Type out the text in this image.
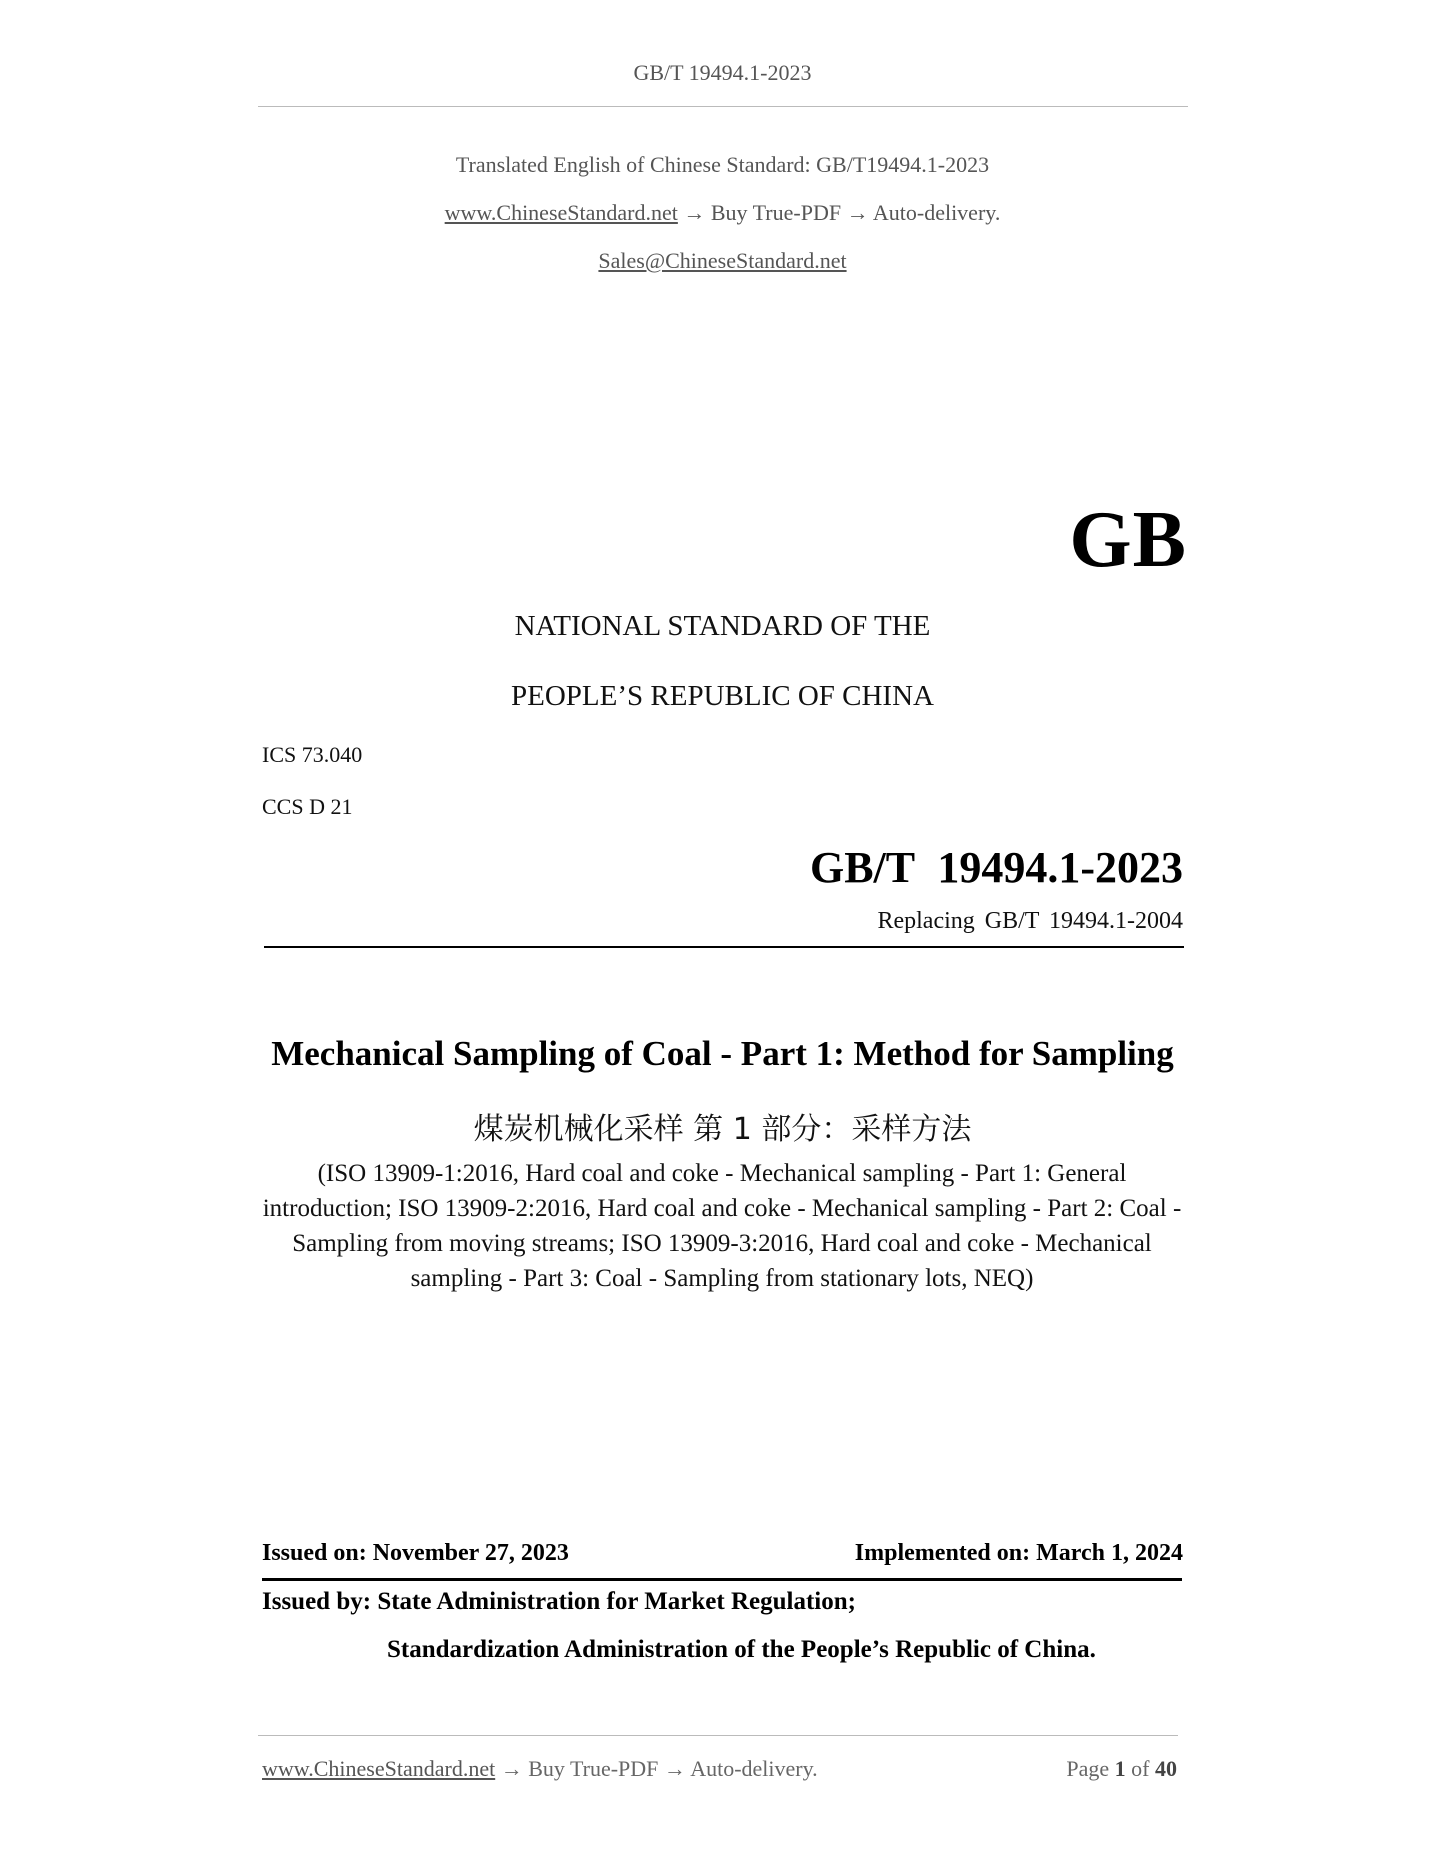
GB/T 19494.1-2023
Translated English of Chinese Standard: GB/T19494.1-2023
www.ChineseStandard.net → Buy True-PDF → Auto-delivery.
Sales@ChineseStandard.net
GB
NATIONAL STANDARD OF THE
PEOPLE’S REPUBLIC OF CHINA
ICS 73.040
CCS D 21
GB/T 19494.1-2023
Replacing GB/T 19494.1-2004
Mechanical Sampling of Coal - Part 1: Method for Sampling
煤炭机械化采样 第 1 部分：采样方法
(ISO 13909-1:2016, Hard coal and coke - Mechanical sampling - Part 1: General introduction; ISO 13909-2:2016, Hard coal and coke - Mechanical sampling - Part 2: Coal - Sampling from moving streams; ISO 13909-3:2016, Hard coal and coke - Mechanical sampling - Part 3: Coal - Sampling from stationary lots, NEQ)
Issued on: November 27, 2023	Implemented on: March 1, 2024
Issued by: State Administration for Market Regulation;
Standardization Administration of the People’s Republic of China.
www.ChineseStandard.net → Buy True-PDF → Auto-delivery.	Page 1 of 40
